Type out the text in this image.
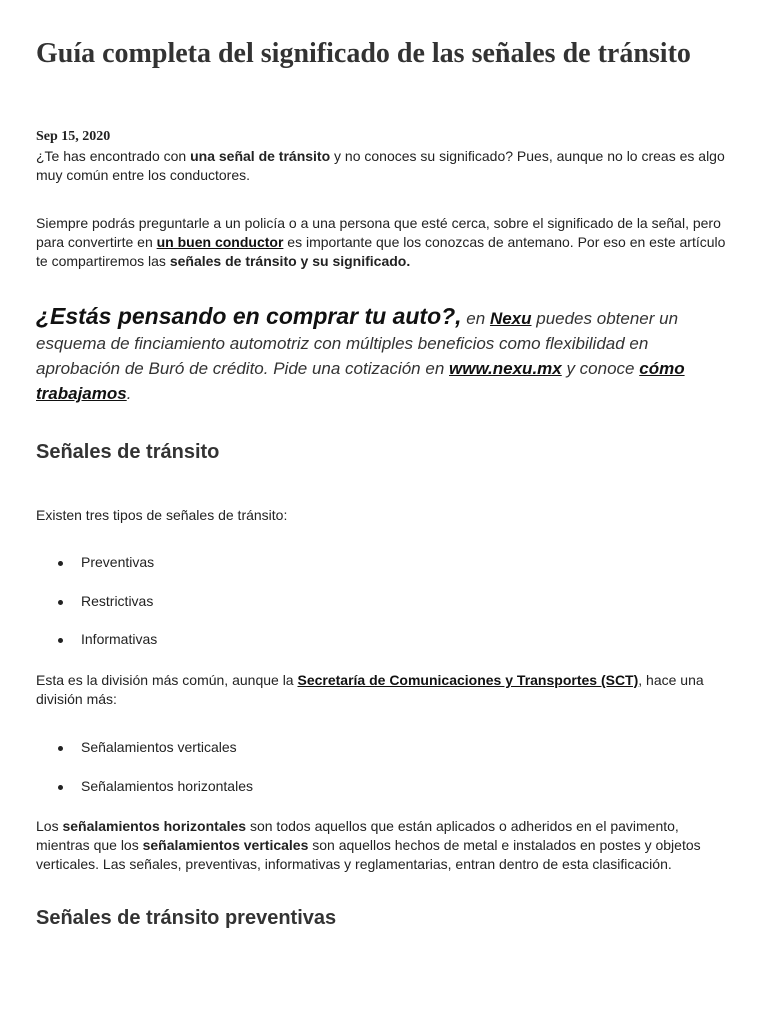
Guía completa del significado de las señales de tránsito
Sep 15, 2020

¿Te has encontrado con una señal de tránsito y no conoces su significado? Pues, aunque no lo creas es algo muy común entre los conductores.

Siempre podrás preguntarle a un policía o a una persona que esté cerca, sobre el significado de la señal, pero para convertirte en un buen conductor es importante que los conozcas de antemano. Por eso en este artículo te compartiremos las señales de tránsito y su significado.

¿Estás pensando en comprar tu auto?, en Nexu puedes obtener un esquema de finciamiento automotriz con múltiples beneficios como flexibilidad en aprobación de Buró de crédito. Pide una cotización en www.nexu.mx y conoce cómo trabajamos.

Señales de tránsito

Existen tres tipos de señales de tránsito:

Preventivas
Restrictivas
Informativas

Esta es la división más común, aunque la Secretaría de Comunicaciones y Transportes (SCT), hace una división más:

Señalamientos verticales
Señalamientos horizontales

Los señalamientos horizontales son todos aquellos que están aplicados o adheridos en el pavimento, mientras que los señalamientos verticales son aquellos hechos de metal e instalados en postes y objetos verticales. Las señales, preventivas, informativas y reglamentarias, entran dentro de esta clasificación.

Señales de tránsito preventivas
